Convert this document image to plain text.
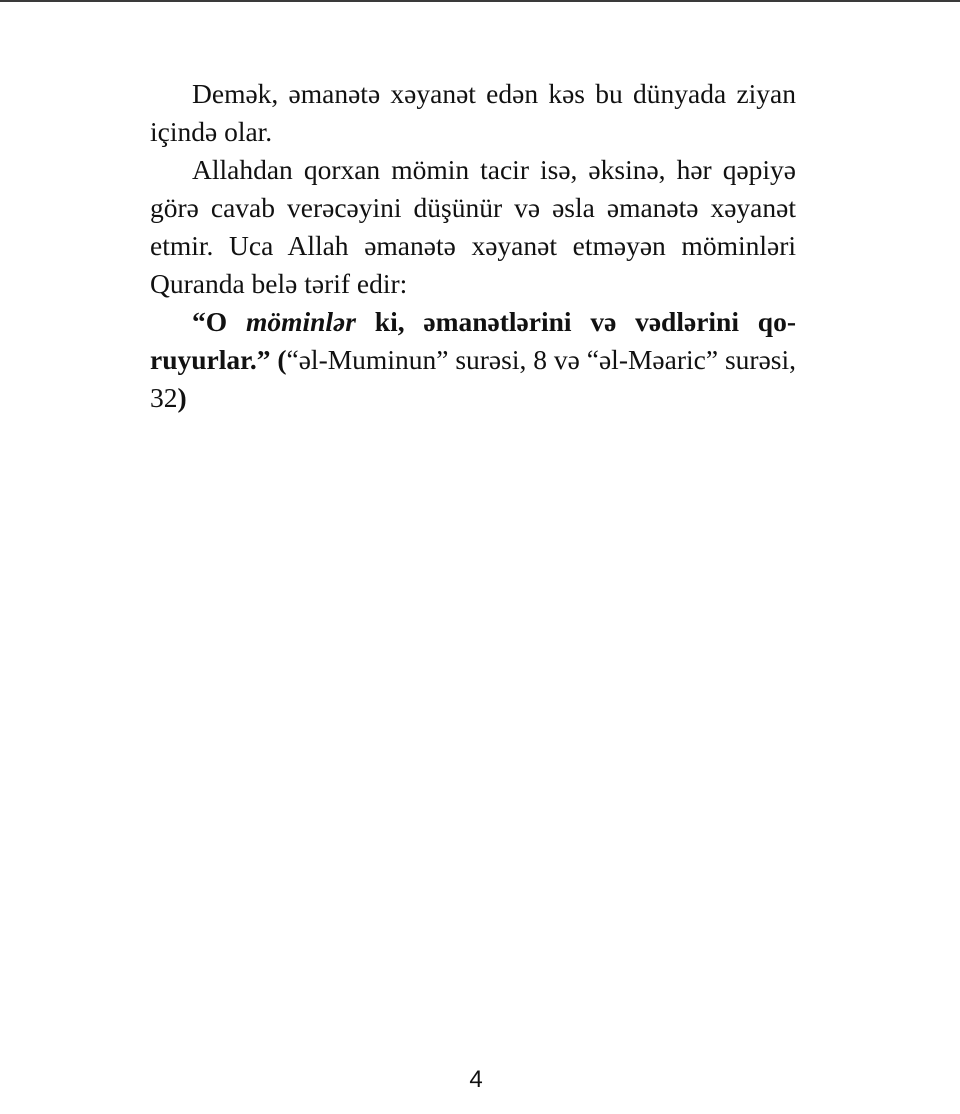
Demək, əmanətə xəyanət edən kəs bu dünyada ziyan içində olar.

Allahdan qorxan mömin tacir isə, əksinə, hər qəpiyə görə cavab verəcəyini düşünür və əsla əmanətə xəyanət etmir. Uca Allah əmanətə xəyanət etməyən möminləri Quranda belə tərif edir:

“O möminlər ki, əmanətlərini və vədlərini qoruyurlar.” (“əl-Muminun” surəsi, 8 və “əl-Məaric” surəsi, 32)

4
